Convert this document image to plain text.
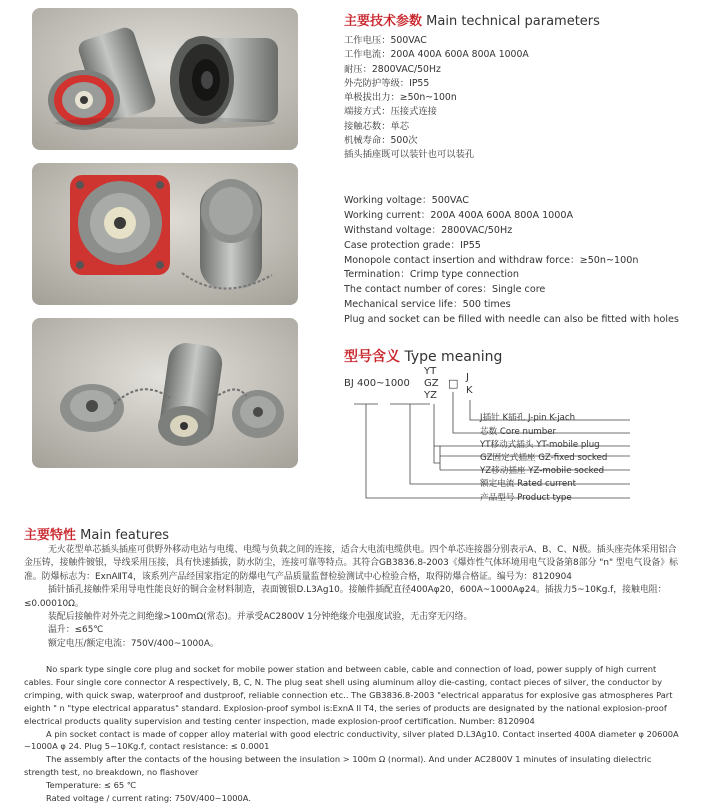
主要技术参数 Main technical parameters
工作电压：500VAC
工作电流：200A 400A 600A 800A 1000A
耐压：2800VAC/50Hz
外壳防护等级：IP55
单极拔出力：≥50n~100n
端接方式：压接式连接
接触芯数：单芯
机械寿命：500次
插头插座既可以装针也可以装孔
Working voltage：500VAC
Working current：200A 400A 600A 800A 1000A
Withstand voltage：2800VAC/50Hz
Case protection grade：IP55
Monopole contact insertion and withdraw force：≥50n~100n
Termination：Crimp type connection
The contact number of cores：Single core
Mechanical service life：500 times
Plug and socket can be filled with needle can also be fitted with holes
型号含义 Type meaning
BJ 400~1000
YT
GZ
YZ
□ J
K
J插针 K插孔 J-pin K-jach
芯数 Core number
YT移动式插头 YT-mobile plug
GZ固定式插座 GZ-fixed socked
YZ移动插座 YZ-mobile socked
额定电流 Rated current
产品型号 Product type
主要特性 Main features

无火花型单芯插头插座可供野外移动电站与电缆、电缆与负载之间的连接，适合大电流电缆供电。四个单芯连接器分别表示A、B、C、N极。插头座壳体采用铝合金压铸，接触件镀银，导线采用压接，具有快速插拔，防水防尘，连接可靠等特点。其符合GB3836.8-2003《爆炸性气体环境用电气设备第8部分 "n" 型电气设备》标准。防爆标志为：ExnAⅡT4，该系列产品经国家指定的防爆电气产品质量监督检验测试中心检验合格，取得防爆合格证。编号为：8120904

插针插孔接触件采用导电性能良好的铜合金材料制造，表面镀银D.L3Ag10。接触件插配直径400Aφ20，600A~1000Aφ24。插拔力5~10Kg.f，接触电阻：≤0.00010Ω。

装配后接触件对外壳之间绝缘>100mΩ(常态)。并承受AC2800V 1分钟绝缘介电强度试验，无击穿无闪络。

温升：≤65℃

额定电压/额定电流：750V/400~1000A。

No spark type single core plug and socket for mobile power station and between cable, cable and connection of load, power supply of high current cables. Four single core connector A respectively, B, C, N. The plug seat shell using aluminum alloy die-casting, contact pieces of silver, the conductor by crimping, with quick swap, waterproof and dustproof, reliable connection etc.. The GB3836.8-2003 "electrical apparatus for explosive gas atmospheres Part eighth " n "type electrical apparatus" standard. Explosion-proof symbol is:ExnA II T4, the series of products are designated by the national explosion-proof electrical products quality supervision and testing center inspection, made explosion-proof certification. Number: 8120904

A pin socket contact is made of copper alloy material with good electric conductivity, silver plated D.L3Ag10. Contact inserted 400A diameter φ 20600A ~1000A φ 24. Plug 5~10Kg.f, contact resistance: ≤ 0.0001

The assembly after the contacts of the housing between the insulation > 100m Ω (normal). And under AC2800V 1 minutes of insulating dielectric strength test, no breakdown, no flashover

Temperature: ≤ 65 ℃

Rated voltage / current rating: 750V/400~1000A.
